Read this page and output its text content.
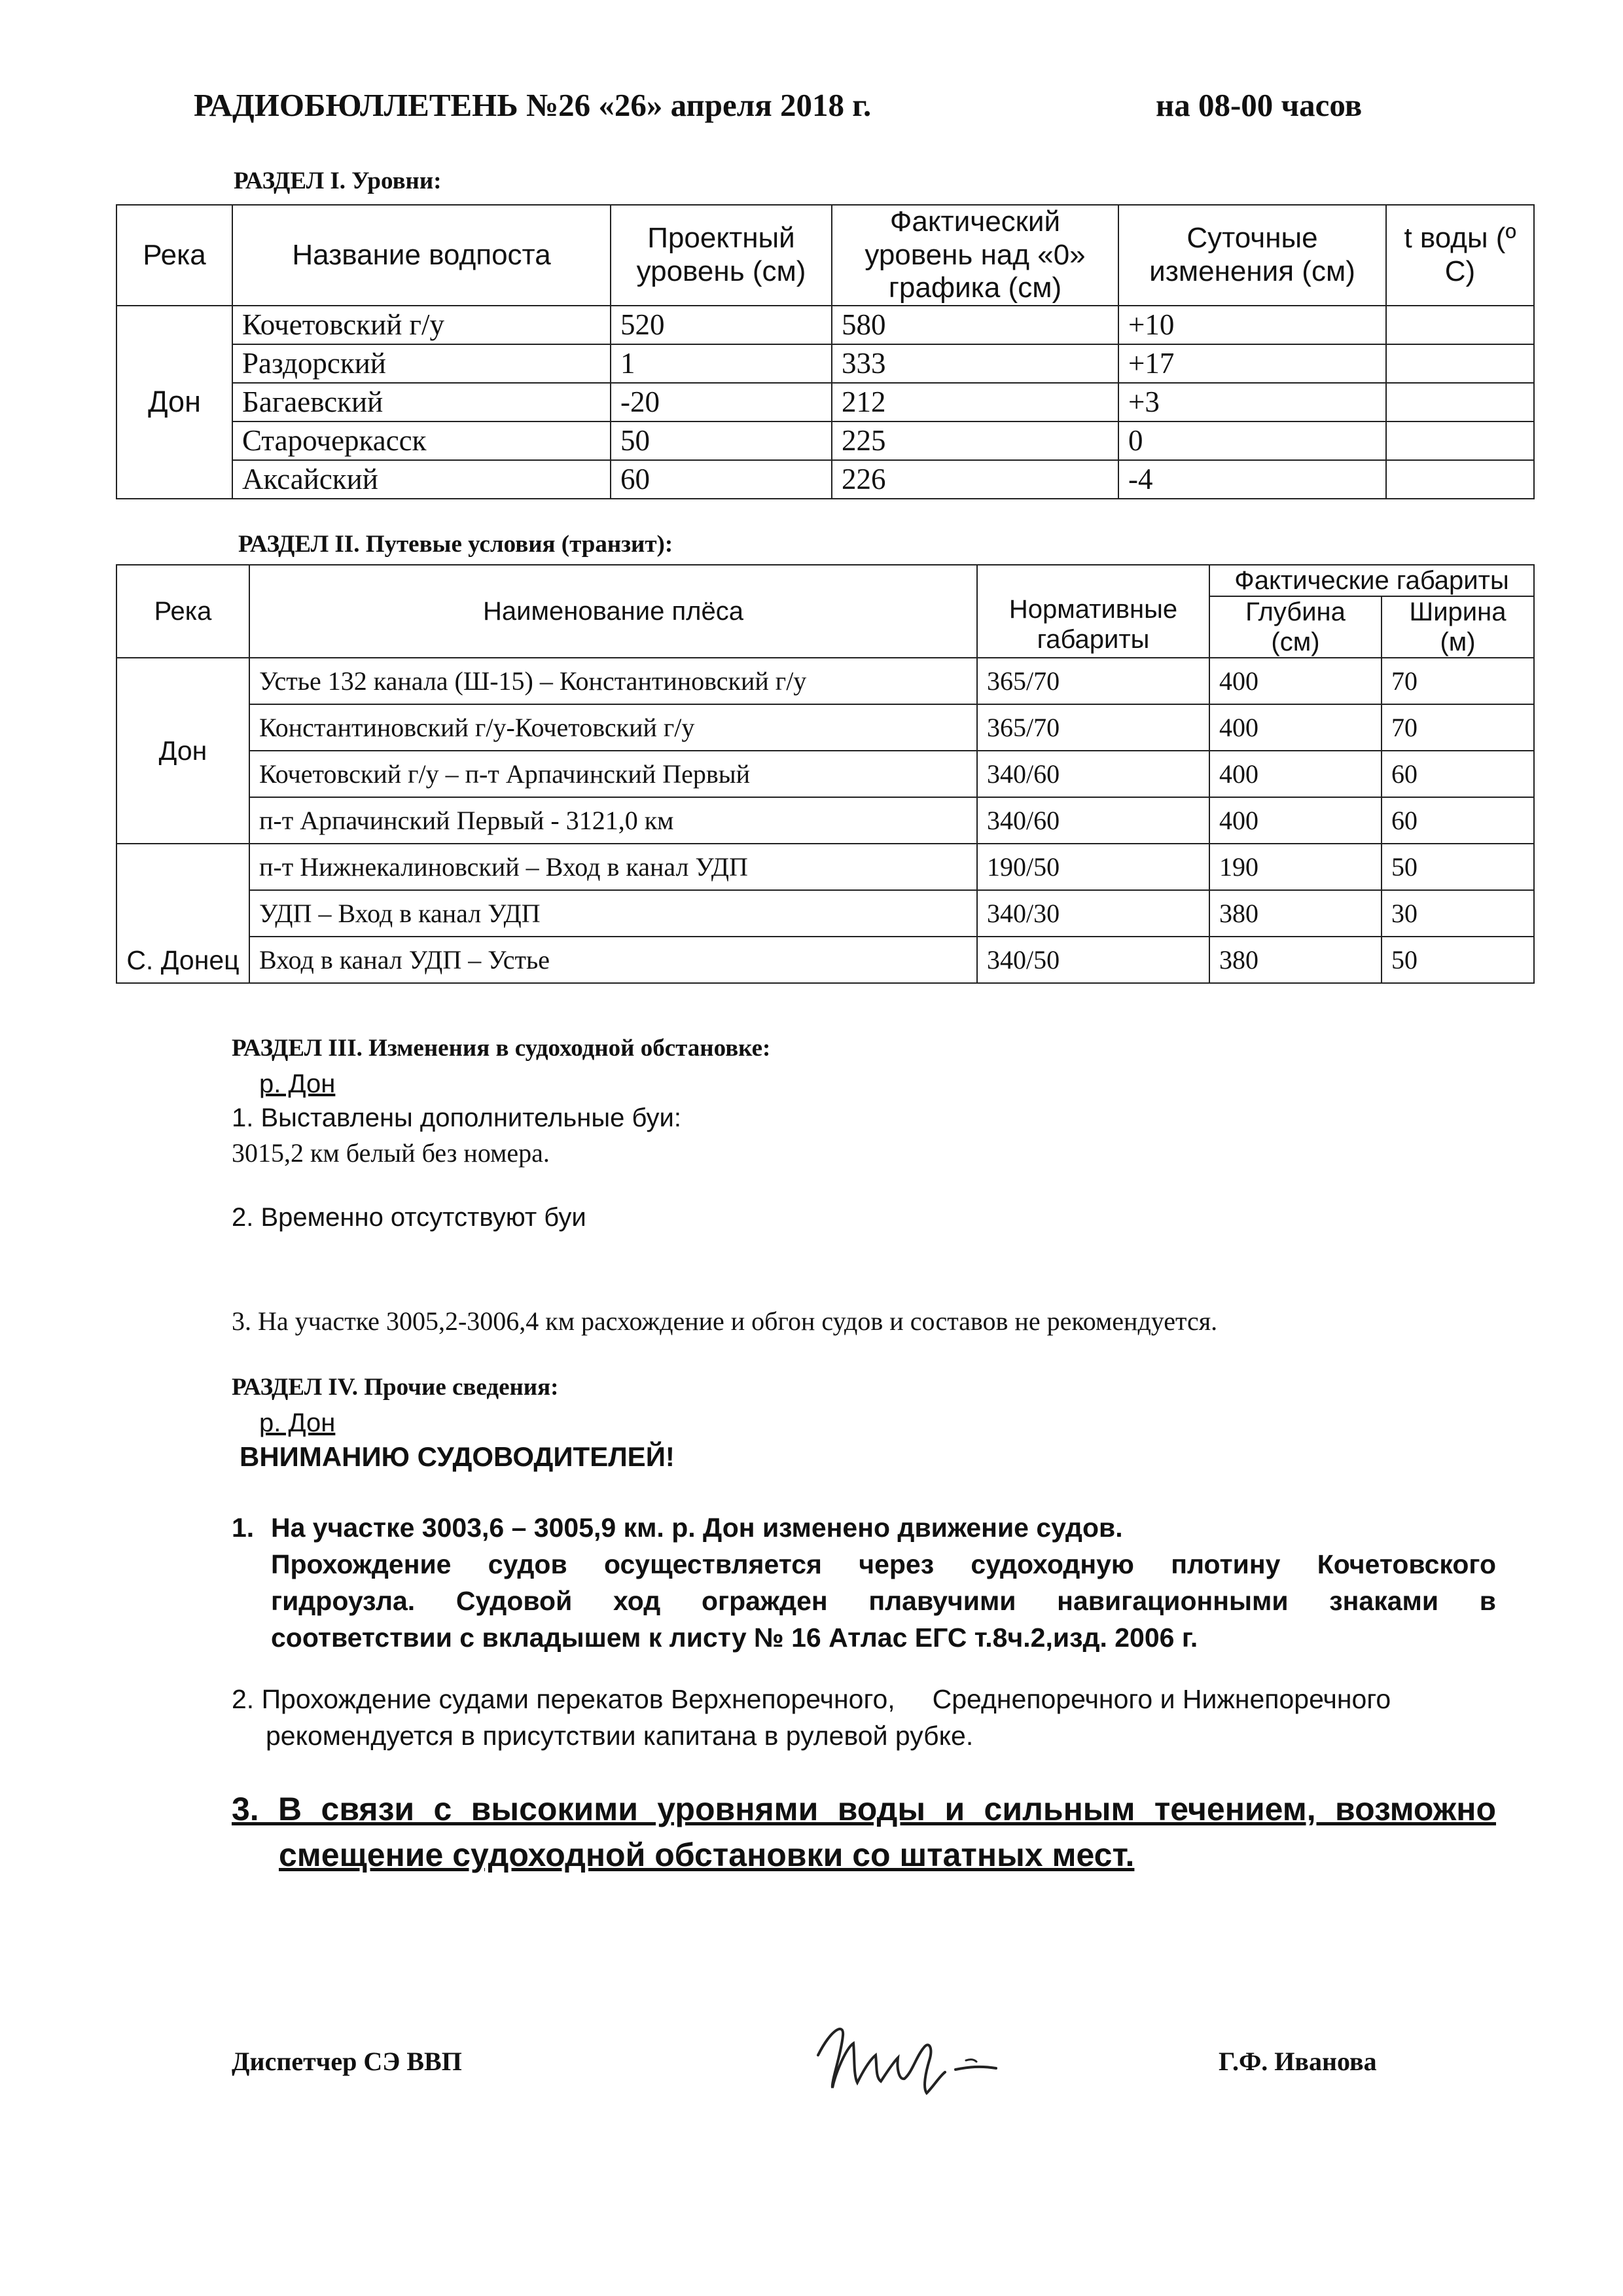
РАДИОБЮЛЛЕТЕНЬ №26 «26» апреля 2018 г.	на 08-00 часов
РАЗДЕЛ I. Уровни:
Река	Название водпоста	Проектный уровень (см)	Фактический уровень над «0» графика (см)	Суточные изменения (см)	t воды (º С)
Дон	Кочетовский г/у	520	580	+10	
	Раздорский	1	333	+17	
	Багаевский	-20	212	+3	
	Старочеркасск	50	225	0	
	Аксайский	60	226	-4	
РАЗДЕЛ II. Путевые условия (транзит):
Река	Наименование плёса	Нормативные габариты	Фактические габариты	
			Глубина (см)	Ширина (м)
Дон	Устье 132 канала (Ш-15) – Константиновский г/у	365/70	400	70
	Константиновский г/у-Кочетовский г/у	365/70	400	70
	Кочетовский г/у – п-т Арпачинский Первый	340/60	400	60
	п-т Арпачинский Первый - 3121,0 км	340/60	400	60
С. Донец	п-т Нижнекалиновский – Вход в канал УДП	190/50	190	50
	УДП – Вход в канал УДП	340/30	380	30
	Вход в канал УДП – Устье	340/50	380	50
РАЗДЕЛ III. Изменения в судоходной обстановке:
р. Дон
1. Выставлены дополнительные буи:
3015,2 км белый без номера.
2. Временно отсутствуют буи
3. На участке 3005,2-3006,4 км расхождение и обгон судов и составов не рекомендуется.
РАЗДЕЛ IV. Прочие сведения:
р. Дон
ВНИМАНИЮ СУДОВОДИТЕЛЕЙ!
1. На участке 3003,6 – 3005,9 км. р. Дон изменено движение судов.
Прохождение судов осуществляется через судоходную плотину Кочетовского
гидроузла. Судовой ход огражден плавучими навигационными знаками в
соответствии с вкладышем к листу № 16 Атлас ЕГС т.8ч.2,изд. 2006 г.
2. Прохождение судами перекатов Верхнепоречного,     Среднепоречного и Нижнепоречного
рекомендуется в присутствии капитана в рулевой рубке.
3. В связи с высокими уровнями воды и сильным течением, возможно
смещение судоходной обстановки со штатных мест.
Диспетчер СЭ ВВП	Г.Ф. Иванова
